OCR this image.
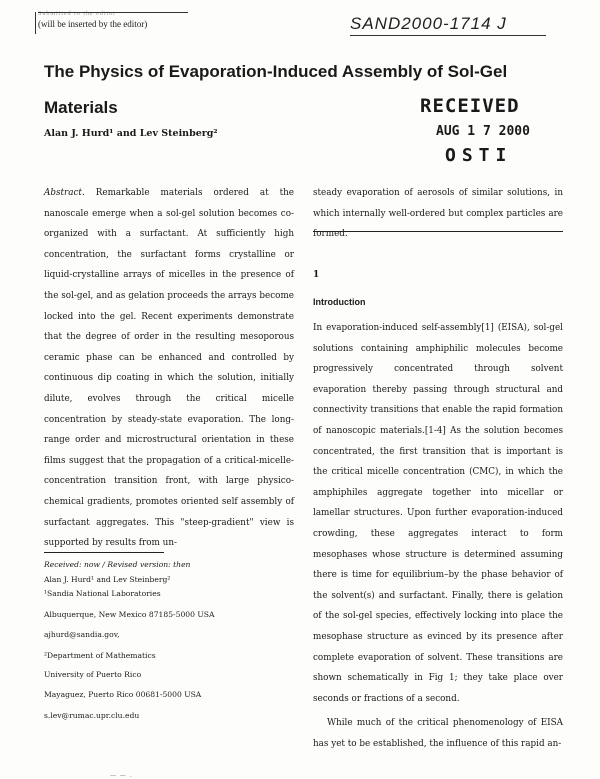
Submitted to the editor
(will be inserted by the editor)	SAND2000-1714 J
The Physics of Evaporation-Induced Assembly of Sol-Gel
Materials	RECEIVED
AUG 1 7 2000
OSTI
Alan J. Hurd¹ and Lev Steinberg²

Abstract. Remarkable materials ordered at the nanoscale emerge when a sol-gel solution becomes co-organized with a surfactant. At sufficiently high concentration, the surfactant forms crystalline or liquid-crystalline arrays of micelles in the presence of the sol-gel, and as gelation proceeds the arrays become locked into the gel. Recent experiments demonstrate that the degree of order in the resulting mesoporous ceramic phase can be enhanced and controlled by continuous dip coating in which the solution, initially dilute, evolves through the critical micelle concentration by steady-state evaporation. The long-range order and microstructural orientation in these films suggest that the propagation of a critical-micelle-concentration transition front, with large physico-chemical gradients, promotes oriented self assembly of surfactant aggregates. This "steep-gradient" view is supported by results from un-

steady evaporation of aerosols of similar solutions, in which internally well-ordered but complex particles are formed.

1
Introduction

In evaporation-induced self-assembly[1] (EISA), sol-gel solutions containing amphiphilic molecules become progressively concentrated through solvent evaporation thereby passing through structural and connectivity transitions that enable the rapid formation of nanoscopic materials.[1-4] As the solution becomes concentrated, the first transition that is important is the critical micelle concentration (CMC), in which the amphiphiles aggregate together into micellar or lamellar structures. Upon further evaporation-induced crowding, these aggregates interact to form mesophases whose structure is determined assuming there is time for equilibrium–by the phase behavior of the solvent(s) and surfactant. Finally, there is gelation of the sol-gel species, effectively locking into place the mesophase structure as evinced by its presence after complete evaporation of solvent. These transitions are shown schematically in Fig 1; they take place over seconds or fractions of a second.

While much of the critical phenomenology of EISA has yet to be established, the influence of this rapid an-

Received: now / Revised version: then
Alan J. Hurd¹ and Lev Steinberg²
¹Sandia National Laboratories
Albuquerque, New Mexico 87185-5000 USA
ajhurd@sandia.gov,
²Department of Mathematics
University of Puerto Rico
Mayaguez, Puerto Rico 00681-5000 USA
s.lev@rumac.upr.clu.edu
— — .
